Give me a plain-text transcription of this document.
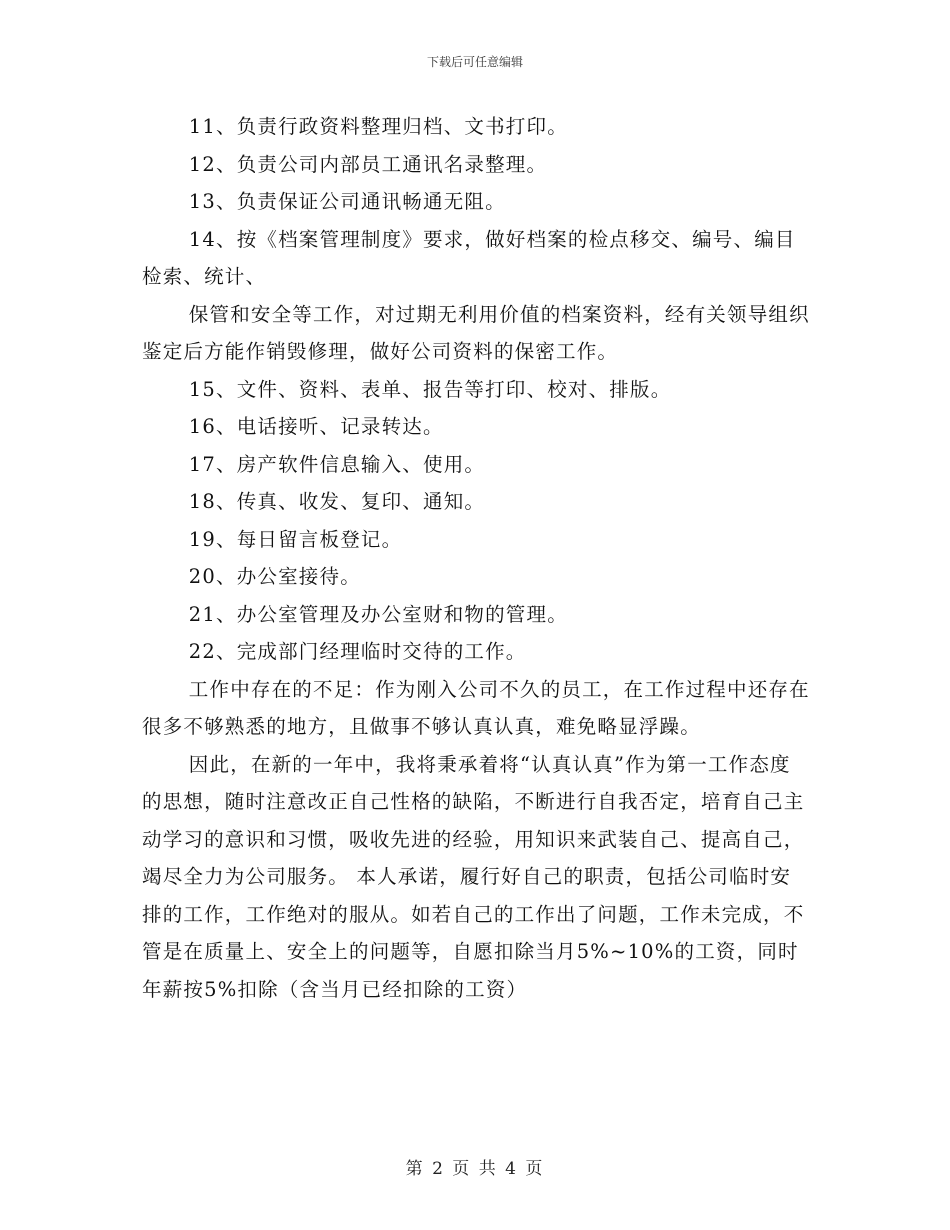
下载后可任意编辑

11、负责行政资料整理归档、文书打印。

12、负责公司内部员工通讯名录整理。

13、负责保证公司通讯畅通无阻。

14、按《档案管理制度》要求，做好档案的检点移交、编号、编目检索、统计、

保管和安全等工作，对过期无利用价值的档案资料，经有关领导组织鉴定后方能作销毁修理，做好公司资料的保密工作。

15、文件、资料、表单、报告等打印、校对、排版。

16、电话接听、记录转达。

17、房产软件信息输入、使用。

18、传真、收发、复印、通知。

19、每日留言板登记。

20、办公室接待。

21、办公室管理及办公室财和物的管理。

22、完成部门经理临时交待的工作。

工作中存在的不足：作为刚入公司不久的员工，在工作过程中还存在很多不够熟悉的地方，且做事不够认真认真，难免略显浮躁。

因此，在新的一年中，我将秉承着将“认真认真”作为第一工作态度的思想，随时注意改正自己性格的缺陷，不断进行自我否定，培育自己主动学习的意识和习惯，吸收先进的经验，用知识来武装自己、提高自己，竭尽全力为公司服务。 本人承诺，履行好自己的职责，包括公司临时安排的工作，工作绝对的服从。如若自己的工作出了问题，工作未完成，不管是在质量上、安全上的问题等，自愿扣除当月5%~10%的工资，同时年薪按5%扣除（含当月已经扣除的工资）

第 2 页 共 4 页
